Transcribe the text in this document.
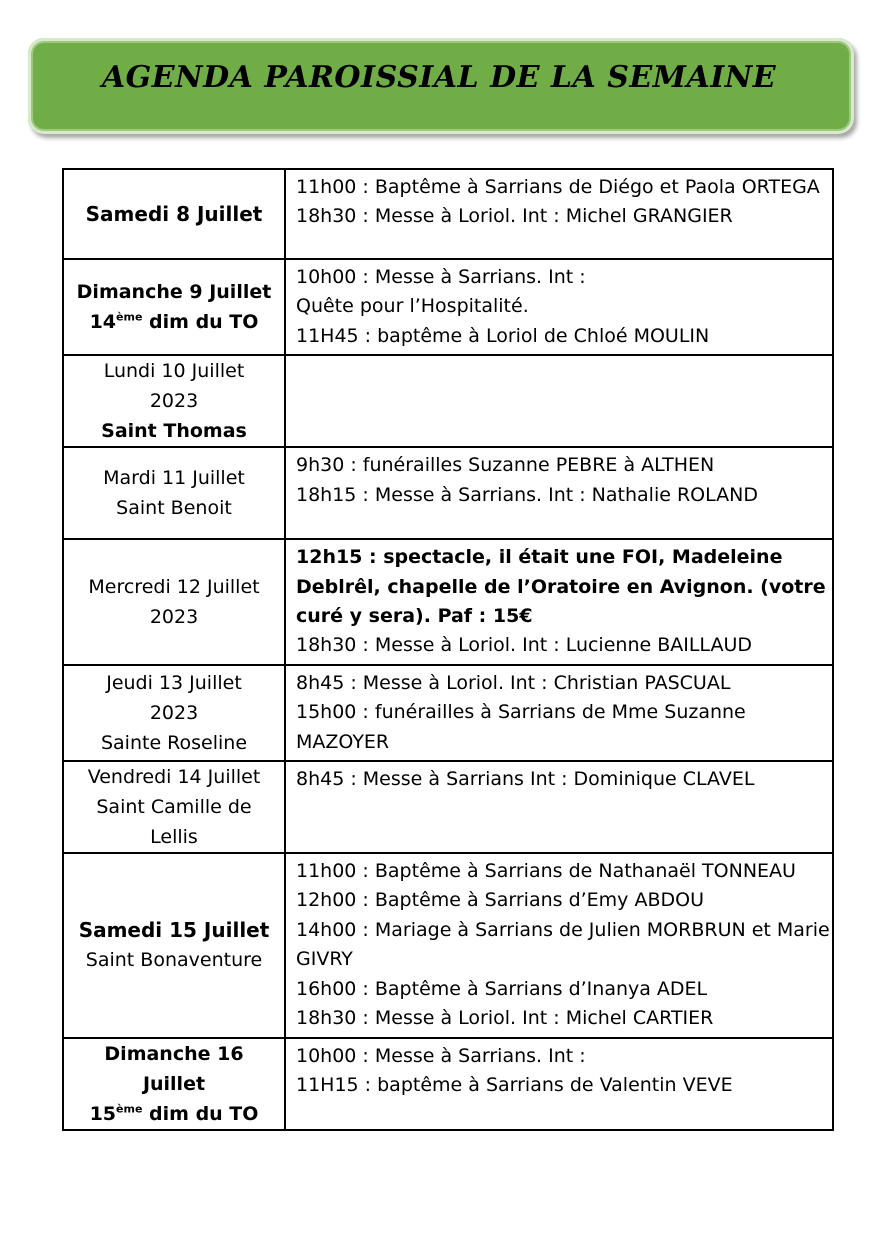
AGENDA PAROISSIAL DE LA SEMAINE
Samedi 8 Juillet	11h00 : Baptême à Sarrians de Diégo et Paola ORTEGA
18h30 : Messe à Loriol. Int : Michel GRANGIER

Dimanche 9 Juillet
14ème dim du TO	10h00 : Messe à Sarrians. Int :
Quête pour l’Hospitalité.
11H45 : baptême à Loriol de Chloé MOULIN

Lundi 10 Juillet
2023
Saint Thomas	

Mardi 11 Juillet
Saint Benoit	9h30 : funérailles Suzanne PEBRE à ALTHEN
18h15 : Messe à Sarrians. Int : Nathalie ROLAND

Mercredi 12 Juillet
2023	12h15 : spectacle, il était une FOI, Madeleine Deblrêl, chapelle de l’Oratoire en Avignon. (votre curé y sera). Paf : 15€
18h30 : Messe à Loriol. Int : Lucienne BAILLAUD

Jeudi 13 Juillet
2023
Sainte Roseline	8h45 : Messe à Loriol. Int : Christian PASCUAL
15h00 : funérailles à Sarrians de Mme Suzanne MAZOYER

Vendredi 14 Juillet
Saint Camille de
Lellis	8h45 : Messe à Sarrians Int : Dominique CLAVEL

Samedi 15 Juillet
Saint Bonaventure	11h00 : Baptême à Sarrians de Nathanaël TONNEAU
12h00 : Baptême à Sarrians d’Emy ABDOU
14h00 : Mariage à Sarrians de Julien MORBRUN et Marie GIVRY
16h00 : Baptême à Sarrians d’Inanya ADEL
18h30 : Messe à Loriol. Int : Michel CARTIER

Dimanche 16
Juillet
15ème dim du TO	10h00 : Messe à Sarrians. Int :
11H15 : baptême à Sarrians de Valentin VEVE
